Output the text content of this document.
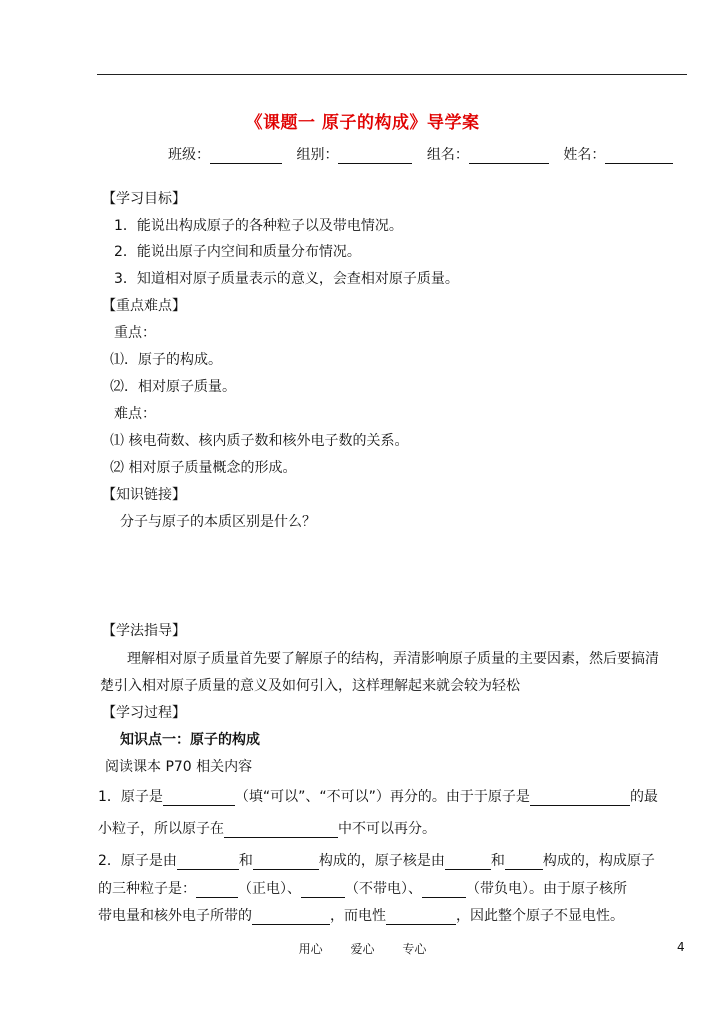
《课题一 原子的构成》导学案
班级：	组别：	组名：	姓名：
【学习目标】
1．能说出构成原子的各种粒子以及带电情况。
2．能说出原子内空间和质量分布情况。
3．知道相对原子质量表示的意义，会查相对原子质量。
【重点难点】
重点：
⑴．原子的构成。
⑵．相对原子质量。
难点：
⑴ 核电荷数、核内质子数和核外电子数的关系。
⑵ 相对原子质量概念的形成。
【知识链接】
分子与原子的本质区别是什么？
【学法指导】
理解相对原子质量首先要了解原子的结构，弄清影响原子质量的主要因素，然后要搞清
楚引入相对原子质量的意义及如何引入，这样理解起来就会较为轻松
【学习过程】
知识点一：原子的构成
阅读课本 P70 相关内容
1．原子是	（填“可以”、“不可以”）再分的。由于于原子是	的最
小粒子，所以原子在	中不可以再分。
2．原子是由	和	构成的，原子核是由	和	构成的，构成原子
的三种粒子是：	（正电）、	（不带电）、	（带负电）。由于原子核所
带电量和核外电子所带的	，而电性	，因此整个原子不显电性。
用心 爱心 专心	4
